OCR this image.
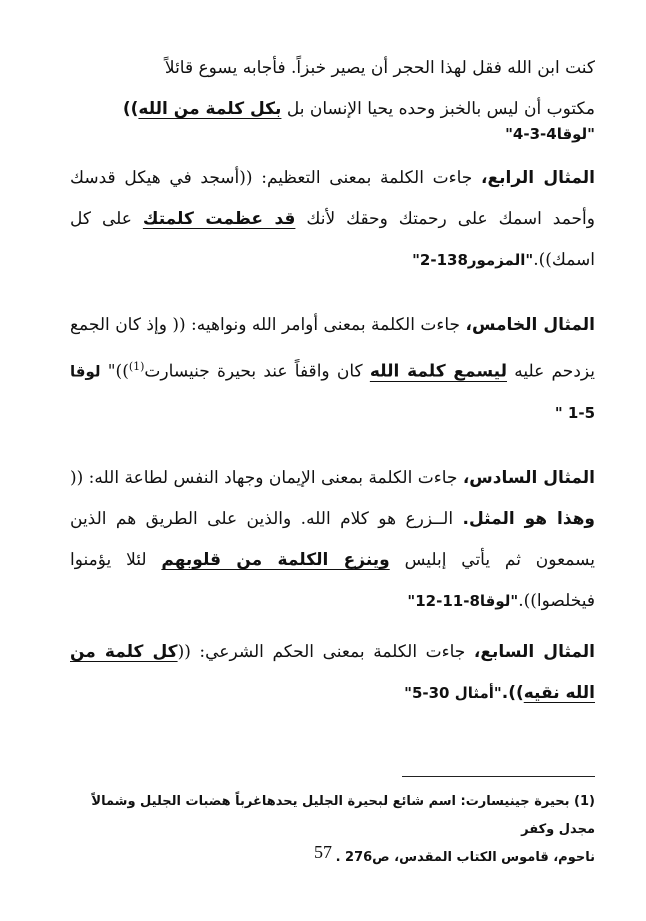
كنت ابن الله فقل لهذا الحجر أن يصير خبزاً. فأجابه يسوع قائلاً
مكتوب أن ليس بالخبز وحده يحيا الإنسان بل بكل كلمة من الله))

"لوقا4-3-4"

المثال الرابع، جاءت الكلمة بمعنى التعظيم: ((أسجد في هيكل قدسك وأحمد اسمك على رحمتك وحقك لأنك قد عظمت كلمتك على كل اسمك))."المزمور138-2"

المثال الخامس، جاءت الكلمة بمعنى أوامر الله ونواهيه: (( وإذ كان الجمع يزدحم عليه ليسمع كلمة الله كان واقفاً عند بحيرة جنيسارت$^{(1)}$))" لوقا 5-1 "

المثال السادس، جاءت الكلمة بمعنى الإيمان وجهاد النفس لطاعة الله: (( وهذا هو المثل. الــزرع هو كلام الله. والذين على الطريق هم الذين يسمعون ثم يأتي إبليس وينزع الكلمة من قلوبهم لئلا يؤمنوا فيخلصوا))."لوقا8-11-12"

المثال السابع، جاءت الكلمة بمعنى الحكم الشرعي: ((كل كلمة من الله نقيه))."أمثال 30-5"

(1) بحيرة جينيسارت: اسم شائع لبحيرة الجليل يحدهاغرباً هضبات الجليل وشمالاً مجدل وكفر
ناحوم، قاموس الكتاب المقدس، ص276 .
57
